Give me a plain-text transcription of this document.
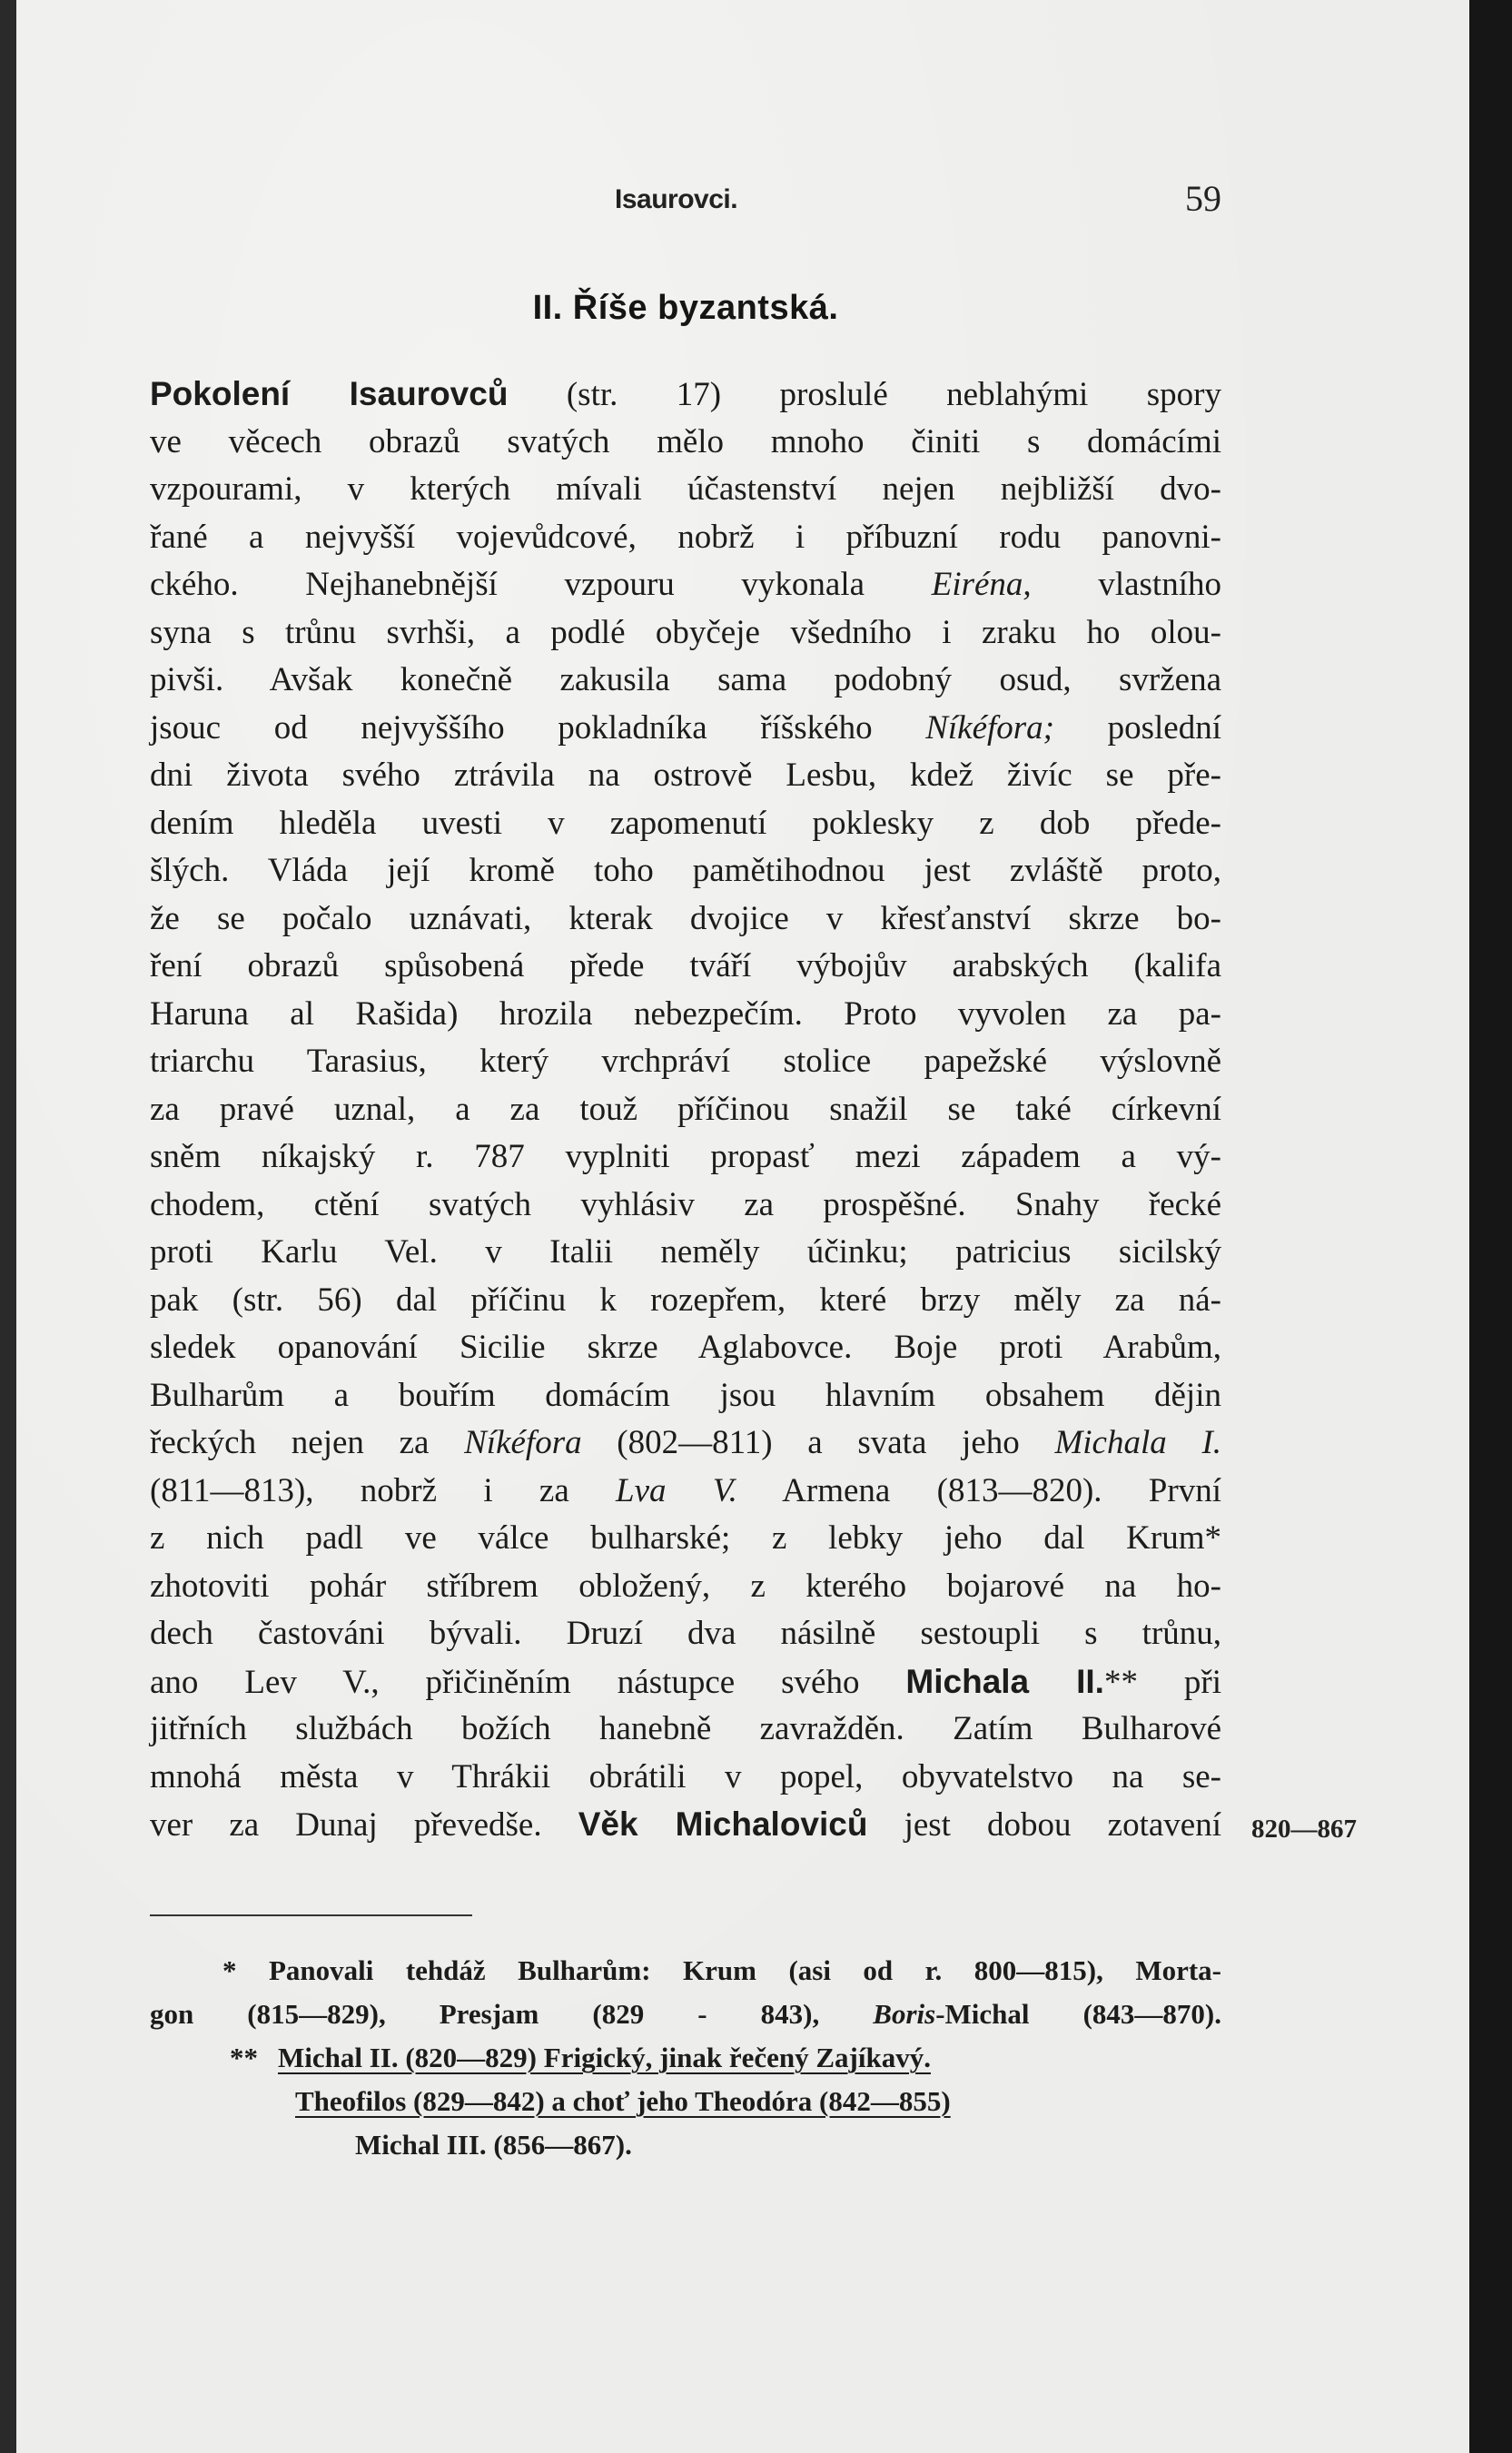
Isaurovci.	59
II. Říše byzantská.
Pokolení Isaurovců (str. 17) proslulé neblahými spory
ve věcech obrazů svatých mělo mnoho činiti s domácími
vzpourami, v kterých mívali účastenství nejen nejbližší dvo-
řané a nejvyšší vojevůdcové, nobrž i příbuzní rodu panovni-
ckého. Nejhanebnější vzpouru vykonala Eiréna, vlastního
syna s trůnu svrhši, a podlé obyčeje všedního i zraku ho olou-
pivši. Avšak konečně zakusila sama podobný osud, svržena
jsouc od nejvyššího pokladníka říšského Níkéfora; poslední
dni života svého ztrávila na ostrově Lesbu, kdež živíc se pře-
dením hleděla uvesti v zapomenutí poklesky z dob přede-
šlých. Vláda její kromě toho pamětihodnou jest zvláště proto,
že se počalo uznávati, kterak dvojice v křesťanství skrze bo-
ření obrazů spůsobená přede tváří výbojův arabských (kalifa
Haruna al Rašida) hrozila nebezpečím. Proto vyvolen za pa-
triarchu Tarasius, který vrchpráví stolice papežské výslovně
za pravé uznal, a za touž příčinou snažil se také církevní
sněm níkajský r. 787 vyplniti propasť mezi západem a vý-
chodem, ctění svatých vyhlásiv za prospěšné. Snahy řecké
proti Karlu Vel. v Italii neměly účinku; patricius sicilský
pak (str. 56) dal příčinu k rozepřem, které brzy měly za ná-
sledek opanování Sicilie skrze Aglabovce. Boje proti Arabům,
Bulharům a bouřím domácím jsou hlavním obsahem dějin
řeckých nejen za Níkéfora (802—811) a svata jeho Michala I.
(811—813), nobrž i za Lva V. Armena (813—820). První
z nich padl ve válce bulharské; z lebky jeho dal Krum*
zhotoviti pohár stříbrem obložený, z kterého bojarové na ho-
dech častováni bývali. Druzí dva násilně sestoupli s trůnu,
ano Lev V., přičiněním nástupce svého Michala II.** při
jitřních službách božích hanebně zavražděn. Zatím Bulharové
mnohá města v Thrákii obrátili v popel, obyvatelstvo na se-
ver za Dunaj převedše. Věk Michaloviců jest dobou zotavení 820—867
* Panovali tehdáž Bulharům: Krum (asi od r. 800—815), Morta-
gon (815—829), Presjam (829 - 843), Boris-Michal (843—870).
** Michal II. (820—829) Frigický, jinak řečený Zajíkavý.
Theofilos (829—842) a choť jeho Theodóra (842—855)
Michal III. (856—867).
